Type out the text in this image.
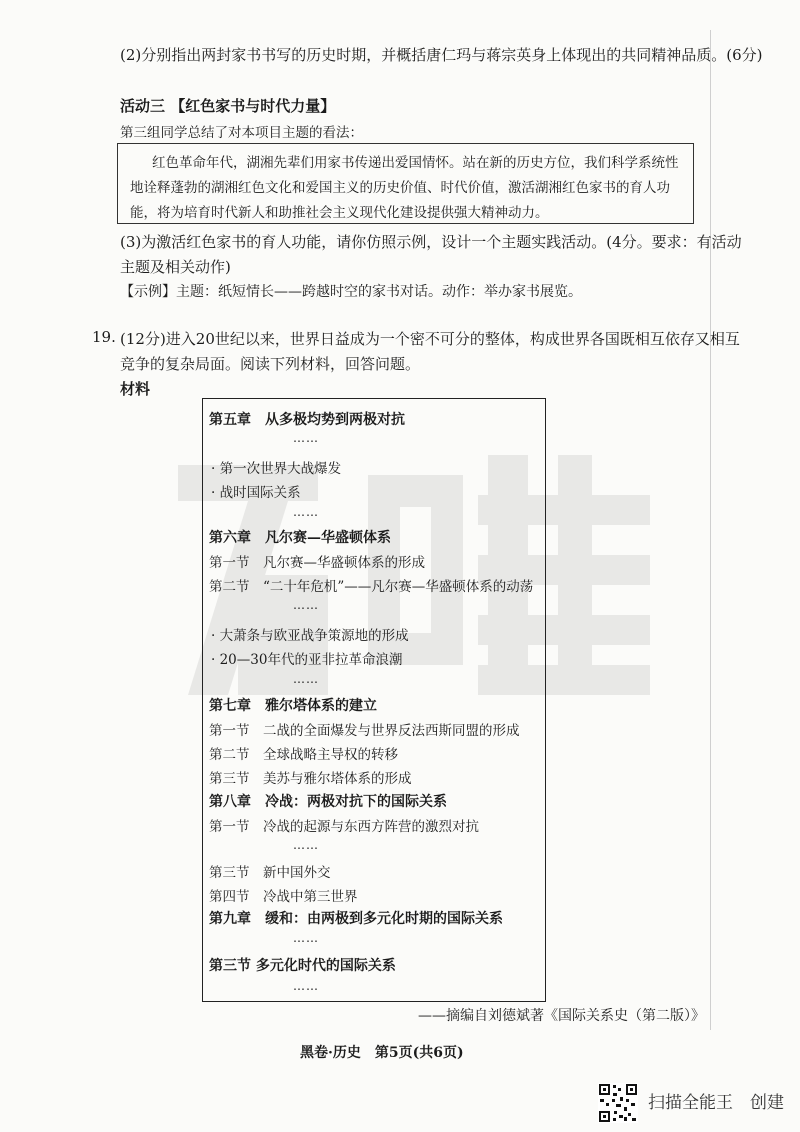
(2)分别指出两封家书书写的历史时期，并概括唐仁玛与蒋宗英身上体现出的共同精神品质。(6分)
活动三 【红色家书与时代力量】
第三组同学总结了对本项目主题的看法：
红色革命年代，湖湘先辈们用家书传递出爱国情怀。站在新的历史方位，我们科学系统性
地诠释蓬勃的湖湘红色文化和爱国主义的历史价值、时代价值，激活湖湘红色家书的育人功
能，将为培育时代新人和助推社会主义现代化建设提供强大精神动力。
(3)为激活红色家书的育人功能，请你仿照示例，设计一个主题实践活动。(4分。要求：有活动
主题及相关动作)
【示例】主题：纸短情长——跨越时空的家书对话。动作：举办家书展览。
19. (12分)进入20世纪以来，世界日益成为一个密不可分的整体，构成世界各国既相互依存又相互
竞争的复杂局面。阅读下列材料，回答问题。
材料
第五章　从多极均势到两极对抗
……
· 第一次世界大战爆发
· 战时国际关系
……
第六章　凡尔赛—华盛顿体系
第一节　凡尔赛—华盛顿体系的形成
第二节　“二十年危机”——凡尔赛—华盛顿体系的动荡
……
· 大萧条与欧亚战争策源地的形成
· 20—30年代的亚非拉革命浪潮
……
第七章　雅尔塔体系的建立
第一节　二战的全面爆发与世界反法西斯同盟的形成
第二节　全球战略主导权的转移
第三节　美苏与雅尔塔体系的形成
第八章　冷战：两极对抗下的国际关系
第一节　冷战的起源与东西方阵营的激烈对抗
……
第三节　新中国外交
第四节　冷战中第三世界
第九章　缓和：由两极到多元化时期的国际关系
……
第三节 多元化时代的国际关系
……
——摘编自刘德斌著《国际关系史（第二版）》
黑卷·历史　第5页(共6页)
扫描全能王　创建
